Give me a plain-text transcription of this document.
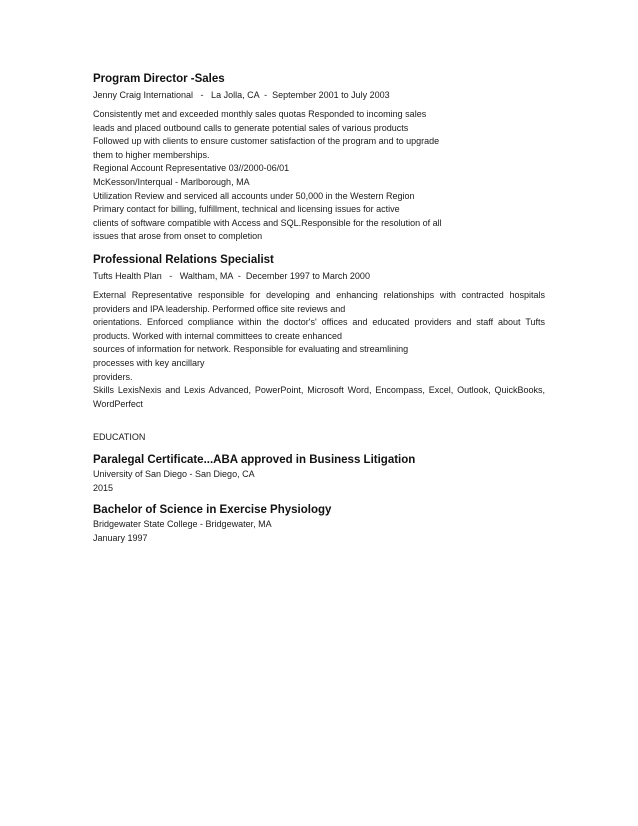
Program Director -Sales
Jenny Craig International   -   La Jolla, CA  -  September 2001 to July 2003
Consistently met and exceeded monthly sales quotas Responded to incoming sales
leads and placed outbound calls to generate potential sales of various products
Followed up with clients to ensure customer satisfaction of the program and to upgrade
them to higher memberships.
Regional Account Representative 03//2000-06/01
McKesson/Interqual - Marlborough, MA
Utilization Review and serviced all accounts under 50,000 in the Western Region
Primary contact for billing, fulfillment, technical and licensing issues for active
clients of software compatible with Access and SQL.Responsible for the resolution of all
issues that arose from onset to completion
Professional Relations Specialist
Tufts Health Plan   -   Waltham, MA  -  December 1997 to March 2000
External Representative responsible for developing and enhancing relationships with contracted hospitals
providers and IPA leadership. Performed office site reviews and
orientations. Enforced compliance within the doctor's' offices and educated providers and staff about Tufts
products. Worked with internal committees to create enhanced
sources of information for network. Responsible for evaluating and streamlining
processes with key ancillary
providers.
Skills LexisNexis and Lexis Advanced, PowerPoint, Microsoft Word, Encompass, Excel, Outlook, QuickBooks,
WordPerfect
EDUCATION
Paralegal Certificate...ABA approved in Business Litigation
University of San Diego - San Diego, CA
2015
Bachelor of Science in Exercise Physiology
Bridgewater State College - Bridgewater, MA
January 1997
